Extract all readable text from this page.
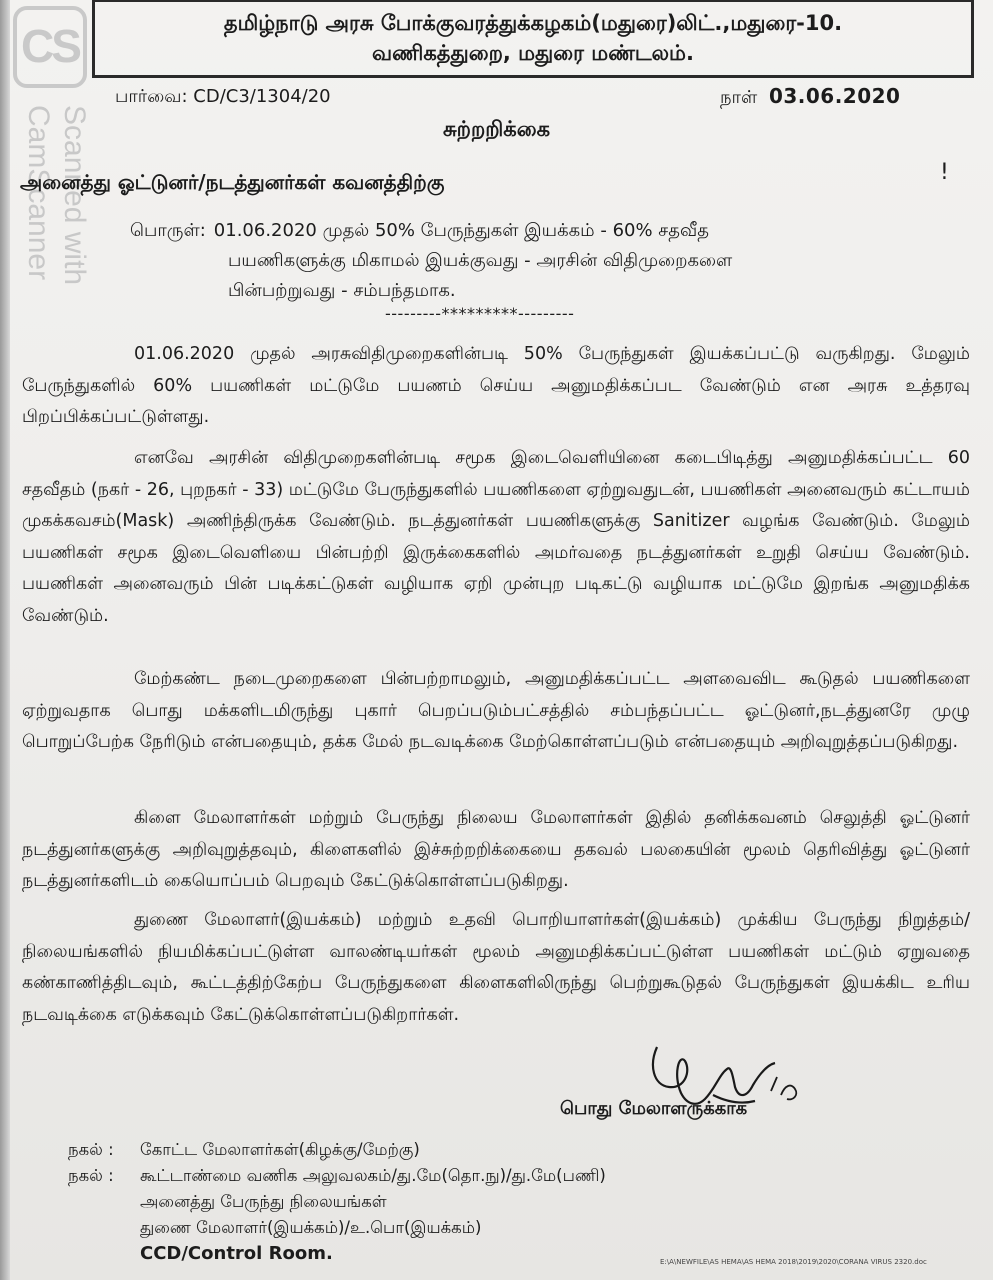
CS
Scanned with CamScanner
தமிழ்நாடு அரசு போக்குவரத்துக்கழகம்(மதுரை)லிட்.,மதுரை-10.
வணிகத்துறை, மதுரை மண்டலம்.
பார்வை: CD/C3/1304/20	நாள் 03.06.2020
சுற்றறிக்கை
அனைத்து ஓட்டுனர்/நடத்துனர்கள் கவனத்திற்கு	!
பொருள்: 01.06.2020 முதல் 50% பேருந்துகள் இயக்கம் - 60% சதவீத
பயணிகளுக்கு மிகாமல் இயக்குவது - அரசின் விதிமுறைகளை
பின்பற்றுவது - சம்பந்தமாக.
---------*********---------
01.06.2020 முதல் அரசுவிதிமுறைகளின்படி 50% பேருந்துகள் இயக்கப்பட்டு வருகிறது. மேலும் பேருந்துகளில் 60% பயணிகள் மட்டுமே பயணம் செய்ய அனுமதிக்கப்பட வேண்டும் என அரசு உத்தரவு பிறப்பிக்கப்பட்டுள்ளது.
எனவே அரசின் விதிமுறைகளின்படி சமூக இடைவெளியினை கடைபிடித்து அனுமதிக்கப்பட்ட 60 சதவீதம் (நகர் - 26, புறநகர் - 33) மட்டுமே பேருந்துகளில் பயணிகளை ஏற்றுவதுடன், பயணிகள் அனைவரும் கட்டாயம் முகக்கவசம்(Mask) அணிந்திருக்க வேண்டும். நடத்துனர்கள் பயணிகளுக்கு Sanitizer வழங்க வேண்டும். மேலும் பயணிகள் சமூக இடைவெளியை பின்பற்றி இருக்கைகளில் அமர்வதை நடத்துனர்கள் உறுதி செய்ய வேண்டும். பயணிகள் அனைவரும் பின் படிக்கட்டுகள் வழியாக ஏறி முன்புற படிகட்டு வழியாக மட்டுமே இறங்க அனுமதிக்க வேண்டும்.
மேற்கண்ட நடைமுறைகளை பின்பற்றாமலும், அனுமதிக்கப்பட்ட அளவைவிட கூடுதல் பயணிகளை ஏற்றுவதாக பொது மக்களிடமிருந்து புகார் பெறப்படும்பட்சத்தில் சம்பந்தப்பட்ட ஓட்டுனர்,நடத்துனரே முழு பொறுப்பேற்க நேரிடும் என்பதையும், தக்க மேல் நடவடிக்கை மேற்கொள்ளப்படும் என்பதையும் அறிவுறுத்தப்படுகிறது.
கிளை மேலாளர்கள் மற்றும் பேருந்து நிலைய மேலாளர்கள் இதில் தனிக்கவனம் செலுத்தி ஓட்டுனர் நடத்துனர்களுக்கு அறிவுறுத்தவும், கிளைகளில் இச்சுற்றறிக்கையை தகவல் பலகையின் மூலம் தெரிவித்து ஓட்டுனர் நடத்துனர்களிடம் கையொப்பம் பெறவும் கேட்டுக்கொள்ளப்படுகிறது.
துணை மேலாளர்(இயக்கம்) மற்றும் உதவி பொறியாளர்கள்(இயக்கம்) முக்கிய பேருந்து நிறுத்தம்/நிலையங்களில் நியமிக்கப்பட்டுள்ள வாலண்டியர்கள் மூலம் அனுமதிக்கப்பட்டுள்ள பயணிகள் மட்டும் ஏறுவதை கண்காணித்திடவும், கூட்டத்திற்கேற்ப பேருந்துகளை கிளைகளிலிருந்து பெற்றுகூடுதல் பேருந்துகள் இயக்கிட உரிய நடவடிக்கை எடுக்கவும் கேட்டுக்கொள்ளப்படுகிறார்கள்.
பொது மேலாளருக்காக
நகல் : கோட்ட மேலாளர்கள்(கிழக்கு/மேற்கு)
நகல் : கூட்டாண்மை வணிக அலுவலகம்/து.மே(தொ.நு)/து.மே(பணி)
அனைத்து பேருந்து நிலையங்கள்
துணை மேலாளர்(இயக்கம்)/உ.பொ(இயக்கம்)
CCD/Control Room.	E:\A\NEWFILE\AS HEMA\AS HEMA 2018\2019\2020\CORANA VIRUS 2320.doc
